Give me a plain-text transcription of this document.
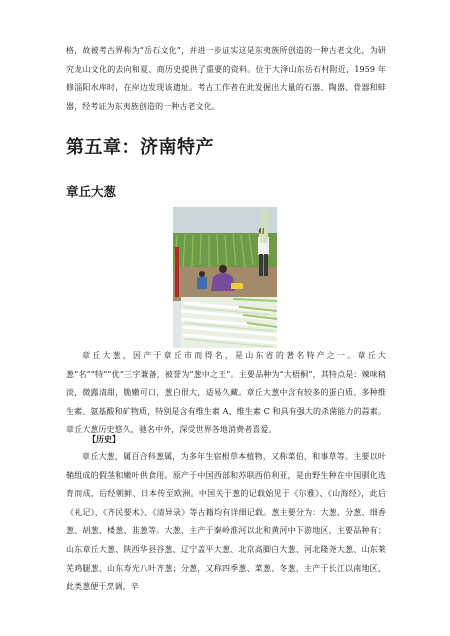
格，故被考古界称为“岳石文化”，并进一步证实这是东夷族所创造的一种古老文化，为研究龙山文化的去向和夏、商历史提供了重要的资料。位于大泽山东岳石村附近，1959 年修淄阳水库时，在岸边发现该遗址。考古工作者在此发掘出大量的石器、陶器、骨器和蚌器，经考证为东夷族创造的一种古老文化。

第五章：济南特产
章丘大葱

章丘大葱，因产于章丘市而得名，是山东省的著名特产之一。章丘大葱“名”“特”“优”三字兼备，被誉为“葱中之王”。主要品种为“大梧桐”，其特点是：辣味稍淡，微露清甜，脆嫩可口，葱白很大，适易久藏。章丘大葱中含有较多的蛋白质、多种维生素、氨基酸和矿物质，特别是含有维生素 A、维生素 C 和具有强大的杀菌能力的蒜素。章丘大葱历史悠久，驰名中外，深受世界各地消费者喜爱。

【历史】

章丘大葱，属百合科葱属，为多年生宿根草本植物，又称菜伯、和事草等。主要以叶鞘组成的假茎和嫩叶供食用。原产于中国西部和苏联西伯利亚，是由野生种在中国驯化选育而成，后经朝鲜、日本传至欧洲。中国关于葱的记载始见于《尔雅》、《山海经》，此后《礼记》、《齐民要术》、《清异录》等古籍均有详细记载。葱主要分为：大葱、分葱、细香葱、胡葱、楼葱、韭葱等。大葱，主产于秦岭淮河以北和黄河中下游地区，主要品种有：山东章丘大葱、陕西华县谷葱、辽宁盖平大葱、北京高脚白大葱、河北隆尧大葱、山东莱芜鸡腿葱、山东寿光八叶齐葱；分葱，又称四季葱、菜葱、冬葱，主产于长江以南地区，此类葱便于烹调，辛
